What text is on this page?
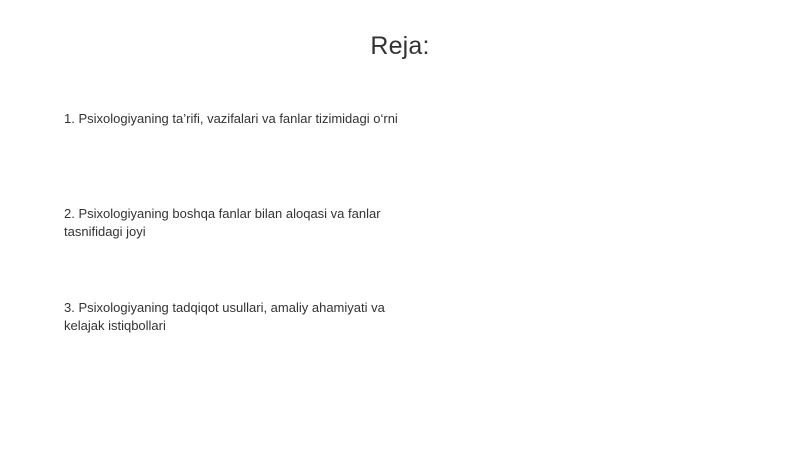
Reja:
1. Psixologiyaning ta’rifi, vazifalari va fanlar tizimidagi o‘rni
2. Psixologiyaning boshqa fanlar bilan aloqasi va fanlar tasnifidagi joyi
3. Psixologiyaning tadqiqot usullari, amaliy ahamiyati va kelajak istiqbollari
